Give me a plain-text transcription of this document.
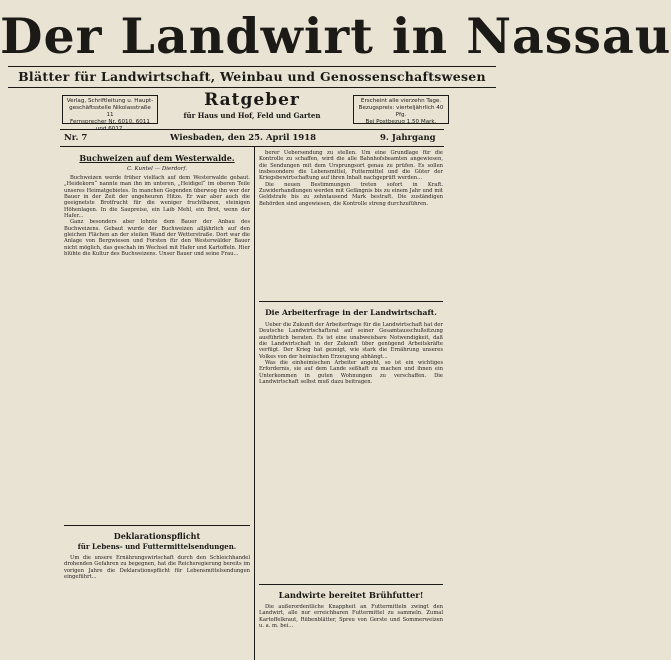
Der Landwirt in Nassau
Blätter für Landwirtschaft, Weinbau und Genossenschaftswesen
Verlag, Schriftleitung u. Haupt-
geschäftsstelle Nikolasstraße 11
Fernsprecher Nr. 6010, 6011
Ratgeber
für Haus und Hof, Feld und Garten
Erscheint alle vierzehn Tage.
Bezugspreis: vierteljährlich 40 Pfg.
Bei Postbezug 1,50 Mark.
Nr. 7	Wiesbaden, den 25. April 1918	9. Jahrgang
Buchweizen auf dem Westerwalde.
C. Kuntel — Dierdorf.

Buchweizen werde früher vielfach auf dem Westerwalde gebaut. „Heidekorn“ nannte man ihn im unteren, „Heidigel“ im oberen Teile unseres Heimatgebietes. In manchen Gegenden überwog ihn wer der Bauer in der Zeit der ungeheuren Hitze. Er war aber auch die geeignetste Brotfrucht für die weniger fruchtbaren, steinigen Höhenlagen. In die Saupreise, ein Laib Mehl, ein Brot, wenn der Hafer...

Ganz besonders aber lohnte dem Bauer der Anbau des Buchweizens. Gebaut wurde der Buchweizen alljährlich auf den gleichen Flächen an der steilen Wand der Wetterstraße. Dort war die Anlage von Bergwiesen und Forsten für den Westerwälder Bauer nicht möglich, das geschah im Wechsel mit Hafer und Kartoffeln. Hier blühte die Kultur des Buchweizens. Unser Bauer und seine Frau...

Deklarationspflicht
für Lebens- und Futtermittelsendungen.

Um die unsere Ernährungswirtschaft durch den Schleichhandel drohenden Gefahren zu begegnen, hat die Reichsregierung bereits im vorigen Jahre die Deklarationspflicht für Lebensmittelsendungen eingeführt...

berer Uebersendung zu stellen. Um eine Grundlage für die Kontrolle zu schaffen, wird die alle Bahnhofsbeamten angewiesen, die Sendungen mit dem Ursprungsort genau zu prüfen. Es sollen insbesondere die Lebensmittel, Futtermittel und die Güter der Kriegsbewirtschaftung auf ihren Inhalt nachgeprüft werden...

Die neuen Bestimmungen treten sofort in Kraft. Zuwiderhandlungen werden mit Gefängnis bis zu einem Jahr und mit Geldstrafe bis zu zehntausend Mark bestraft. Die zuständigen Behörden sind angewiesen, die Kontrolle streng durchzuführen.

Die Arbeiterfrage in der Landwirtschaft.

Ueber die Zukunft der Arbeiterfrage für die Landwirtschaft hat der Deutsche Landwirtschaftsrat auf seiner Gesamtausschußsitzung ausführlich beraten. Es ist eine unabweisbare Notwendigkeit, daß die Landwirtschaft in der Zukunft über genügend Arbeitskräfte verfügt. Der Krieg hat gezeigt, wie stark die Ernährung unseres Volkes von der heimischen Erzeugung abhängt...

Was die einheimischen Arbeiter angeht, so ist ein wichtiges Erfordernis, sie auf dem Lande seßhaft zu machen und ihnen ein Unterkommen in guten Wohnungen zu verschaffen. Die Landwirtschaft selbst muß dazu beitragen.

Landwirte bereitet Brühfutter!

Die außerordentliche Knappheit an Futtermitteln zwingt den Landwirt, alle nur erreichbaren Futtermittel zu sammeln. Zumal Kartoffelkraut, Rübenblätter, Spreu von Gerste und Sommerweizen u. a. m. bei...
